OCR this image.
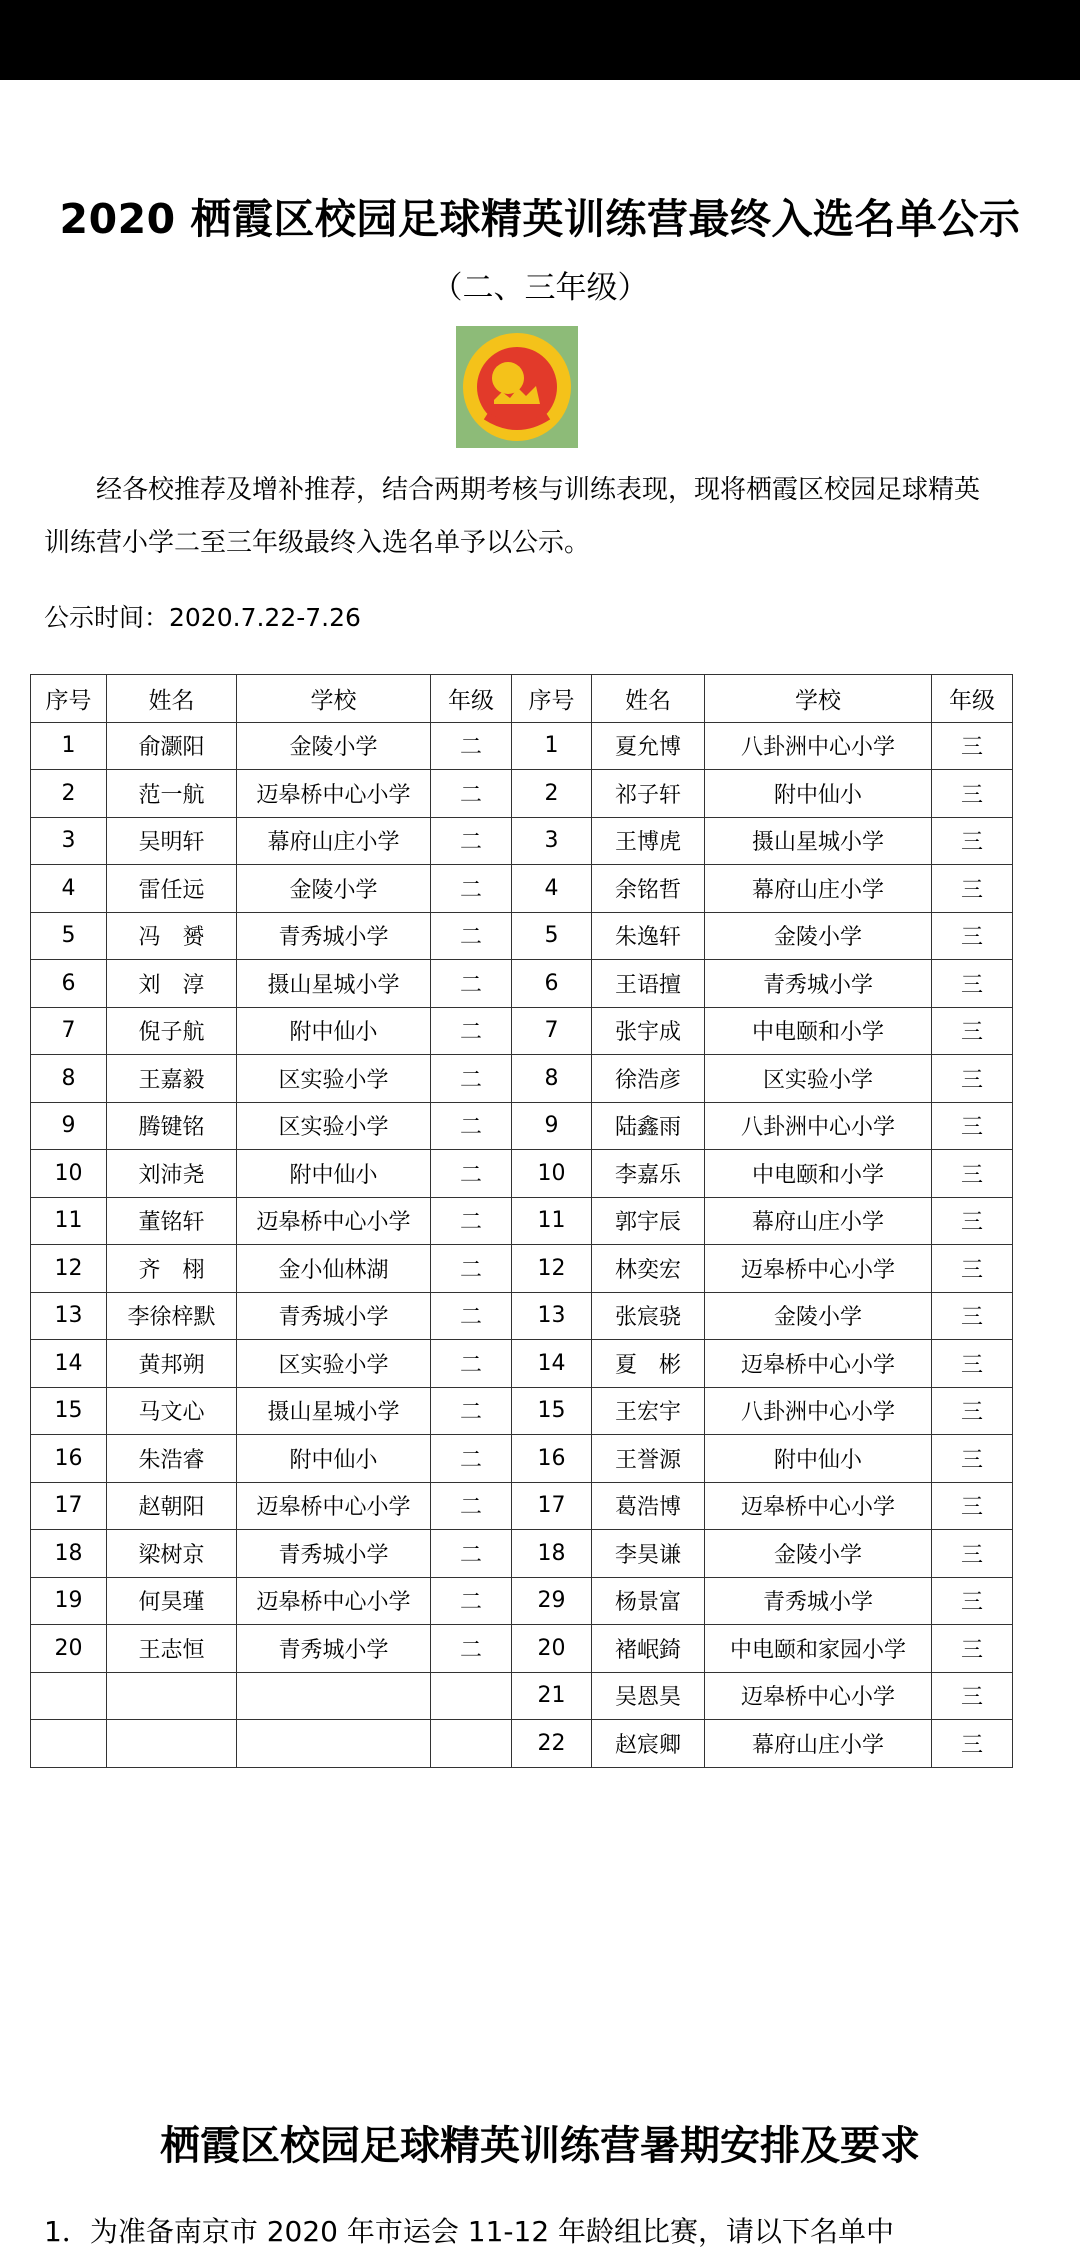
2020 栖霞区校园足球精英训练营最终入选名单公示
（二、三年级）

经各校推荐及增补推荐，结合两期考核与训练表现，现将栖霞区校园足球精英训练营小学二至三年级最终入选名单予以公示。

公示时间：2020.7.22-7.26
序号	姓名	学校	年级	序号	姓名	学校	年级
1	俞灏阳	金陵小学	二	1	夏允博	八卦洲中心小学	三
2	范一航	迈皋桥中心小学	二	2	祁子轩	附中仙小	三
3	吴明轩	幕府山庄小学	二	3	王博虎	摄山星城小学	三
4	雷任远	金陵小学	二	4	余铭哲	幕府山庄小学	三
5	冯　赟	青秀城小学	二	5	朱逸轩	金陵小学	三
6	刘　淳	摄山星城小学	二	6	王语擅	青秀城小学	三
7	倪子航	附中仙小	二	7	张宇成	中电颐和小学	三
8	王嘉毅	区实验小学	二	8	徐浩彦	区实验小学	三
9	腾键铭	区实验小学	二	9	陆鑫雨	八卦洲中心小学	三
10	刘沛尧	附中仙小	二	10	李嘉乐	中电颐和小学	三
11	董铭轩	迈皋桥中心小学	二	11	郭宇辰	幕府山庄小学	三
12	齐　栩	金小仙林湖	二	12	林奕宏	迈皋桥中心小学	三
13	李徐梓默	青秀城小学	二	13	张宸骁	金陵小学	三
14	黄邦朔	区实验小学	二	14	夏　彬	迈皋桥中心小学	三
15	马文心	摄山星城小学	二	15	王宏宇	八卦洲中心小学	三
16	朱浩睿	附中仙小	二	16	王誉源	附中仙小	三
17	赵朝阳	迈皋桥中心小学	二	17	葛浩博	迈皋桥中心小学	三
18	梁树京	青秀城小学	二	18	李昊谦	金陵小学	三
19	何昊瑾	迈皋桥中心小学	二	29	杨景富	青秀城小学	三
20	王志恒	青秀城小学	二	20	褚岷錡	中电颐和家园小学	三
				21	吴恩昊	迈皋桥中心小学	三
				22	赵宸卿	幕府山庄小学	三
栖霞区校园足球精英训练营暑期安排及要求
1．为准备南京市 2020 年市运会 11-12 年龄组比赛，请以下名单中
